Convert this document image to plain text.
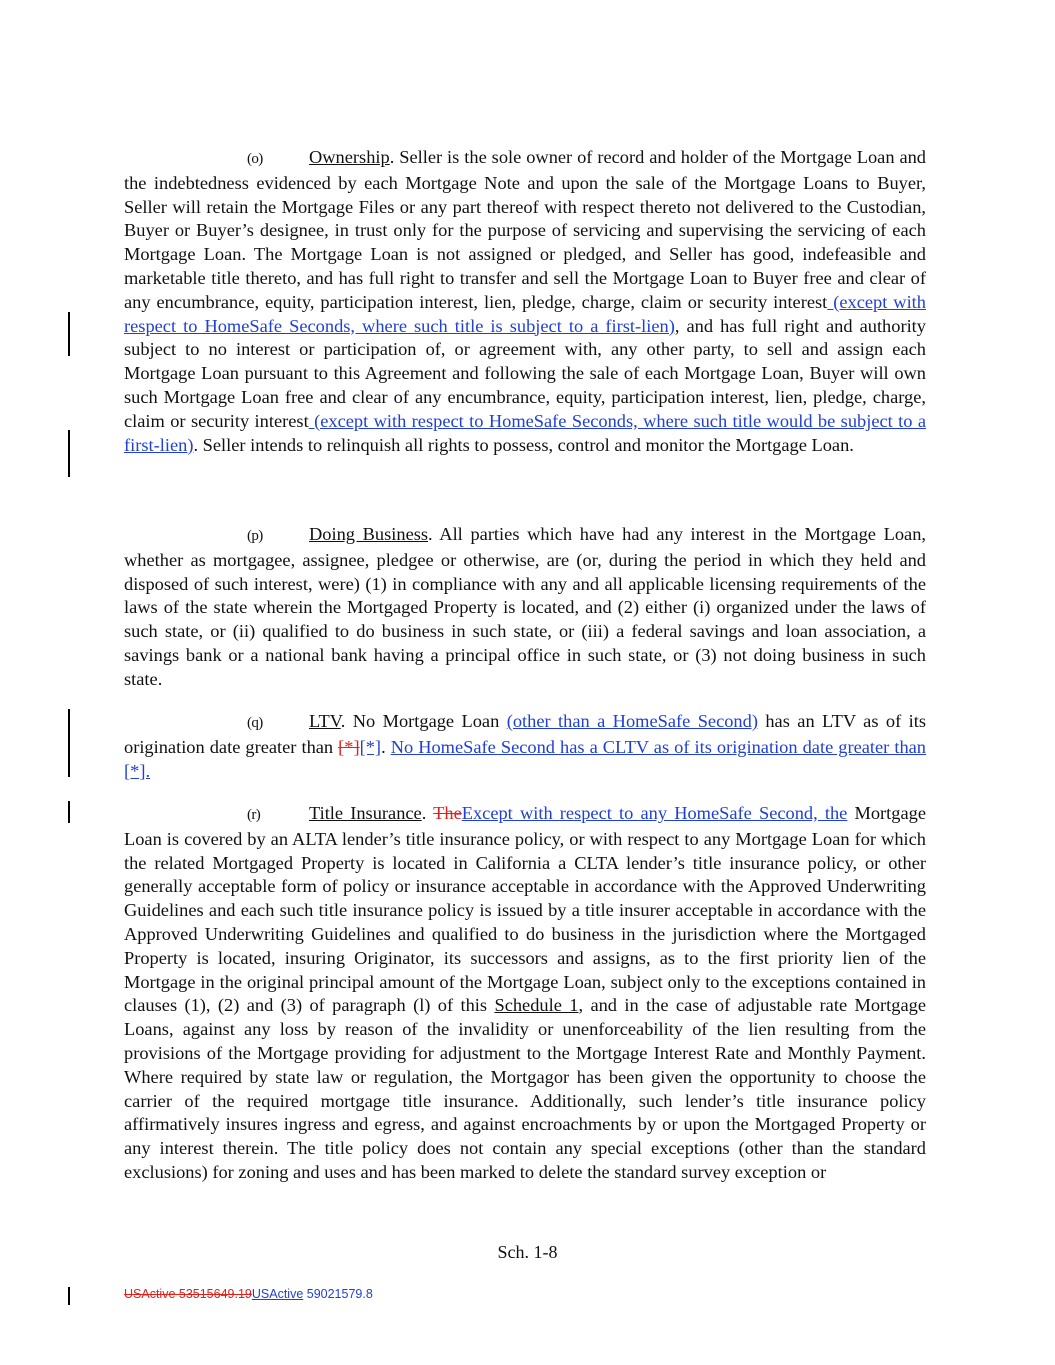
(o)	Ownership. Seller is the sole owner of record and holder of the Mortgage Loan and the indebtedness evidenced by each Mortgage Note and upon the sale of the Mortgage Loans to Buyer, Seller will retain the Mortgage Files or any part thereof with respect thereto not delivered to the Custodian, Buyer or Buyer’s designee, in trust only for the purpose of servicing and supervising the servicing of each Mortgage Loan. The Mortgage Loan is not assigned or pledged, and Seller has good, indefeasible and marketable title thereto, and has full right to transfer and sell the Mortgage Loan to Buyer free and clear of any encumbrance, equity, participation interest, lien, pledge, charge, claim or security interest (except with respect to HomeSafe Seconds, where such title is subject to a first-lien), and has full right and authority subject to no interest or participation of, or agreement with, any other party, to sell and assign each Mortgage Loan pursuant to this Agreement and following the sale of each Mortgage Loan, Buyer will own such Mortgage Loan free and clear of any encumbrance, equity, participation interest, lien, pledge, charge, claim or security interest (except with respect to HomeSafe Seconds, where such title would be subject to a first-lien). Seller intends to relinquish all rights to possess, control and monitor the Mortgage Loan.

(p)	Doing Business. All parties which have had any interest in the Mortgage Loan, whether as mortgagee, assignee, pledgee or otherwise, are (or, during the period in which they held and disposed of such interest, were) (1) in compliance with any and all applicable licensing requirements of the laws of the state wherein the Mortgaged Property is located, and (2) either (i) organized under the laws of such state, or (ii) qualified to do business in such state, or (iii) a federal savings and loan association, a savings bank or a national bank having a principal office in such state, or (3) not doing business in such state.

(q)	LTV. No Mortgage Loan (other than a HomeSafe Second) has an LTV as of its origination date greater than [*][*]. No HomeSafe Second has a CLTV as of its origination date greater than [*].

(r)	Title Insurance. TheExcept with respect to any HomeSafe Second, the Mortgage Loan is covered by an ALTA lender’s title insurance policy, or with respect to any Mortgage Loan for which the related Mortgaged Property is located in California a CLTA lender’s title insurance policy, or other generally acceptable form of policy or insurance acceptable in accordance with the Approved Underwriting Guidelines and each such title insurance policy is issued by a title insurer acceptable in accordance with the Approved Underwriting Guidelines and qualified to do business in the jurisdiction where the Mortgaged Property is located, insuring Originator, its successors and assigns, as to the first priority lien of the Mortgage in the original principal amount of the Mortgage Loan, subject only to the exceptions contained in clauses (1), (2) and (3) of paragraph (l) of this Schedule 1, and in the case of adjustable rate Mortgage Loans, against any loss by reason of the invalidity or unenforceability of the lien resulting from the provisions of the Mortgage providing for adjustment to the Mortgage Interest Rate and Monthly Payment. Where required by state law or regulation, the Mortgagor has been given the opportunity to choose the carrier of the required mortgage title insurance. Additionally, such lender’s title insurance policy affirmatively insures ingress and egress, and against encroachments by or upon the Mortgaged Property or any interest therein. The title policy does not contain any special exceptions (other than the standard exclusions) for zoning and uses and has been marked to delete the standard survey exception or

Sch. 1-8
USActive 53515649.19USActive 59021579.8
